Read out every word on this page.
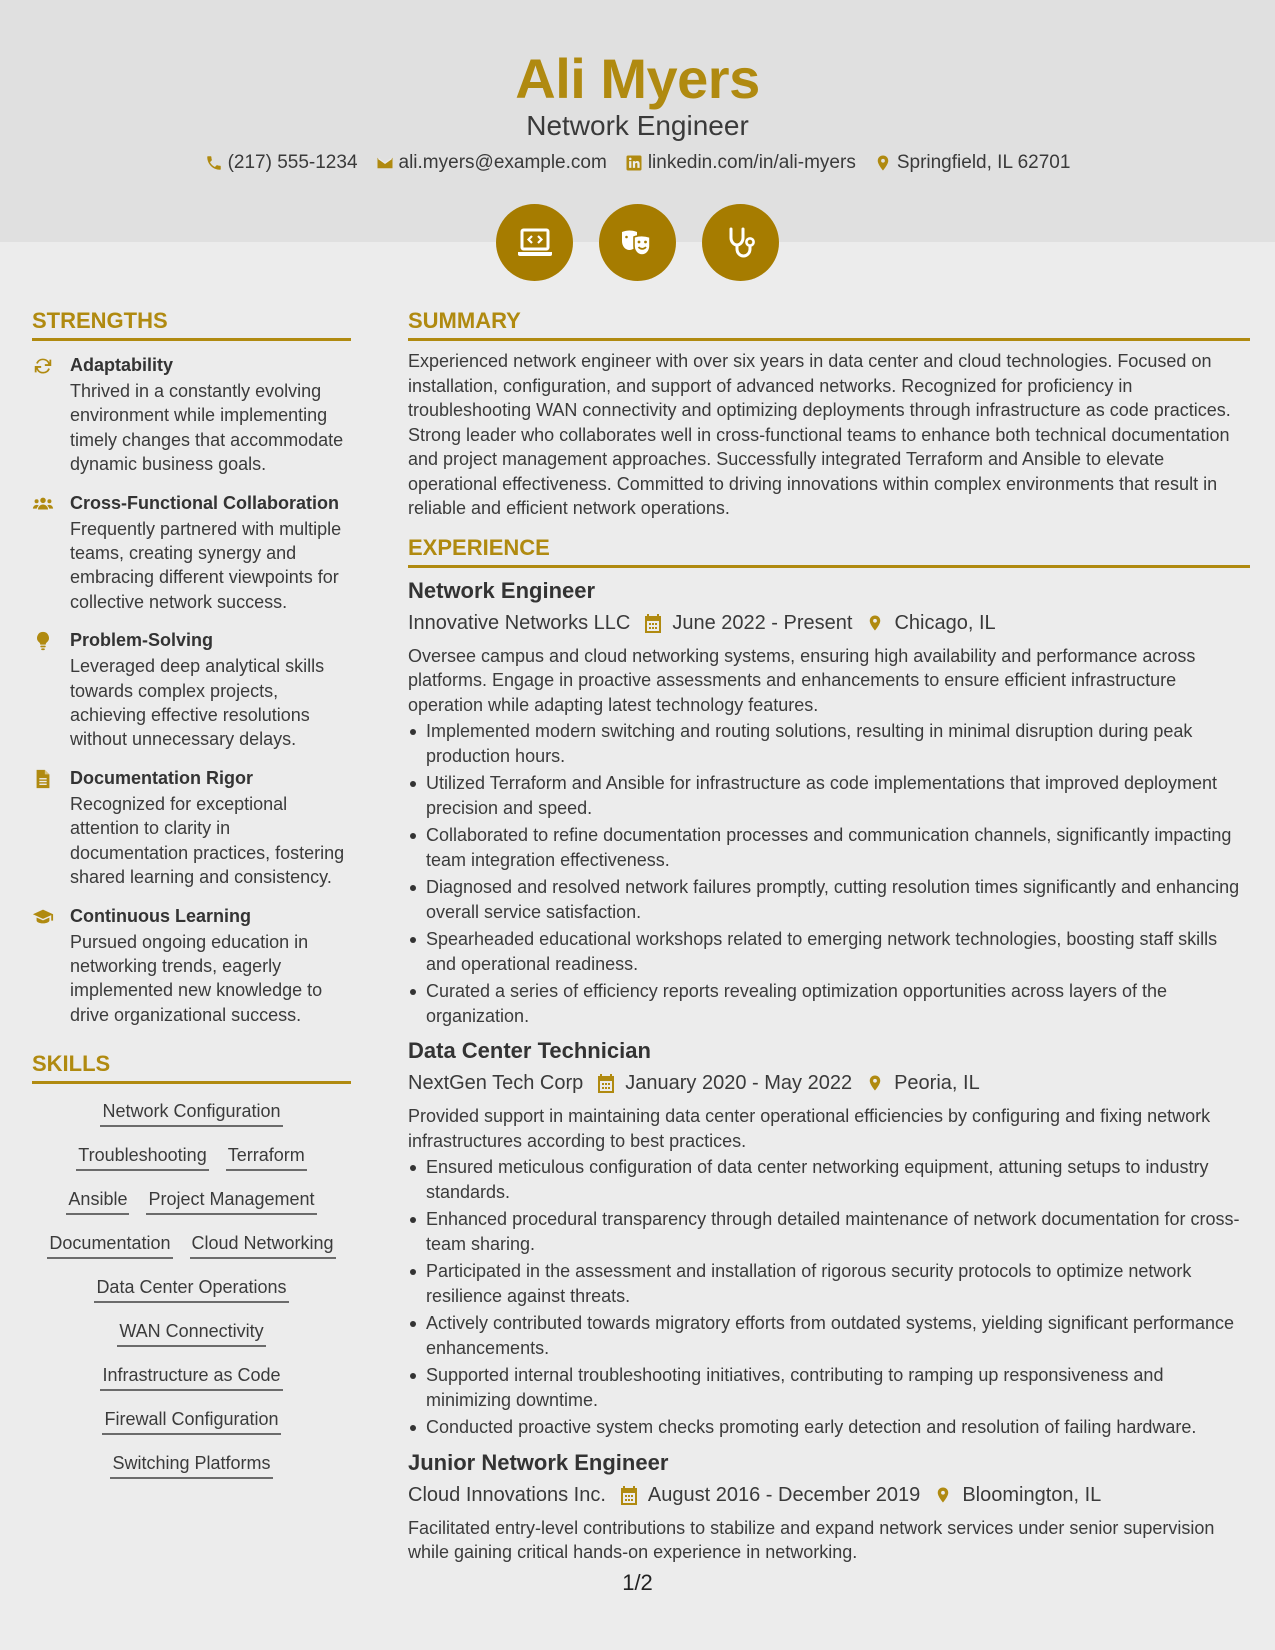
Ali Myers
Network Engineer
(217) 555-1234 ali.myers@example.com linkedin.com/in/ali-myers Springfield, IL 62701
STRENGTHS
Adaptability
Thrived in a constantly evolving environment while implementing timely changes that accommodate dynamic business goals.
Cross-Functional Collaboration
Frequently partnered with multiple teams, creating synergy and embracing different viewpoints for collective network success.
Problem-Solving
Leveraged deep analytical skills towards complex projects, achieving effective resolutions without unnecessary delays.
Documentation Rigor
Recognized for exceptional attention to clarity in documentation practices, fostering shared learning and consistency.
Continuous Learning
Pursued ongoing education in networking trends, eagerly implemented new knowledge to drive organizational success.
SKILLS
Network Configuration
Troubleshooting Terraform
Ansible Project Management
Documentation Cloud Networking
Data Center Operations
WAN Connectivity
Infrastructure as Code
Firewall Configuration
Switching Platforms
SUMMARY
Experienced network engineer with over six years in data center and cloud technologies. Focused on installation, configuration, and support of advanced networks. Recognized for proficiency in troubleshooting WAN connectivity and optimizing deployments through infrastructure as code practices. Strong leader who collaborates well in cross-functional teams to enhance both technical documentation and project management approaches. Successfully integrated Terraform and Ansible to elevate operational effectiveness. Committed to driving innovations within complex environments that result in reliable and efficient network operations.
EXPERIENCE
Network Engineer
Innovative Networks LLC June 2022 - Present Chicago, IL
Oversee campus and cloud networking systems, ensuring high availability and performance across platforms. Engage in proactive assessments and enhancements to ensure efficient infrastructure operation while adapting latest technology features.
Implemented modern switching and routing solutions, resulting in minimal disruption during peak production hours.
Utilized Terraform and Ansible for infrastructure as code implementations that improved deployment precision and speed.
Collaborated to refine documentation processes and communication channels, significantly impacting team integration effectiveness.
Diagnosed and resolved network failures promptly, cutting resolution times significantly and enhancing overall service satisfaction.
Spearheaded educational workshops related to emerging network technologies, boosting staff skills and operational readiness.
Curated a series of efficiency reports revealing optimization opportunities across layers of the organization.
Data Center Technician
NextGen Tech Corp January 2020 - May 2022 Peoria, IL
Provided support in maintaining data center operational efficiencies by configuring and fixing network infrastructures according to best practices.
Ensured meticulous configuration of data center networking equipment, attuning setups to industry standards.
Enhanced procedural transparency through detailed maintenance of network documentation for cross-team sharing.
Participated in the assessment and installation of rigorous security protocols to optimize network resilience against threats.
Actively contributed towards migratory efforts from outdated systems, yielding significant performance enhancements.
Supported internal troubleshooting initiatives, contributing to ramping up responsiveness and minimizing downtime.
Conducted proactive system checks promoting early detection and resolution of failing hardware.
Junior Network Engineer
Cloud Innovations Inc. August 2016 - December 2019 Bloomington, IL
Facilitated entry-level contributions to stabilize and expand network services under senior supervision while gaining critical hands-on experience in networking.
1/2
